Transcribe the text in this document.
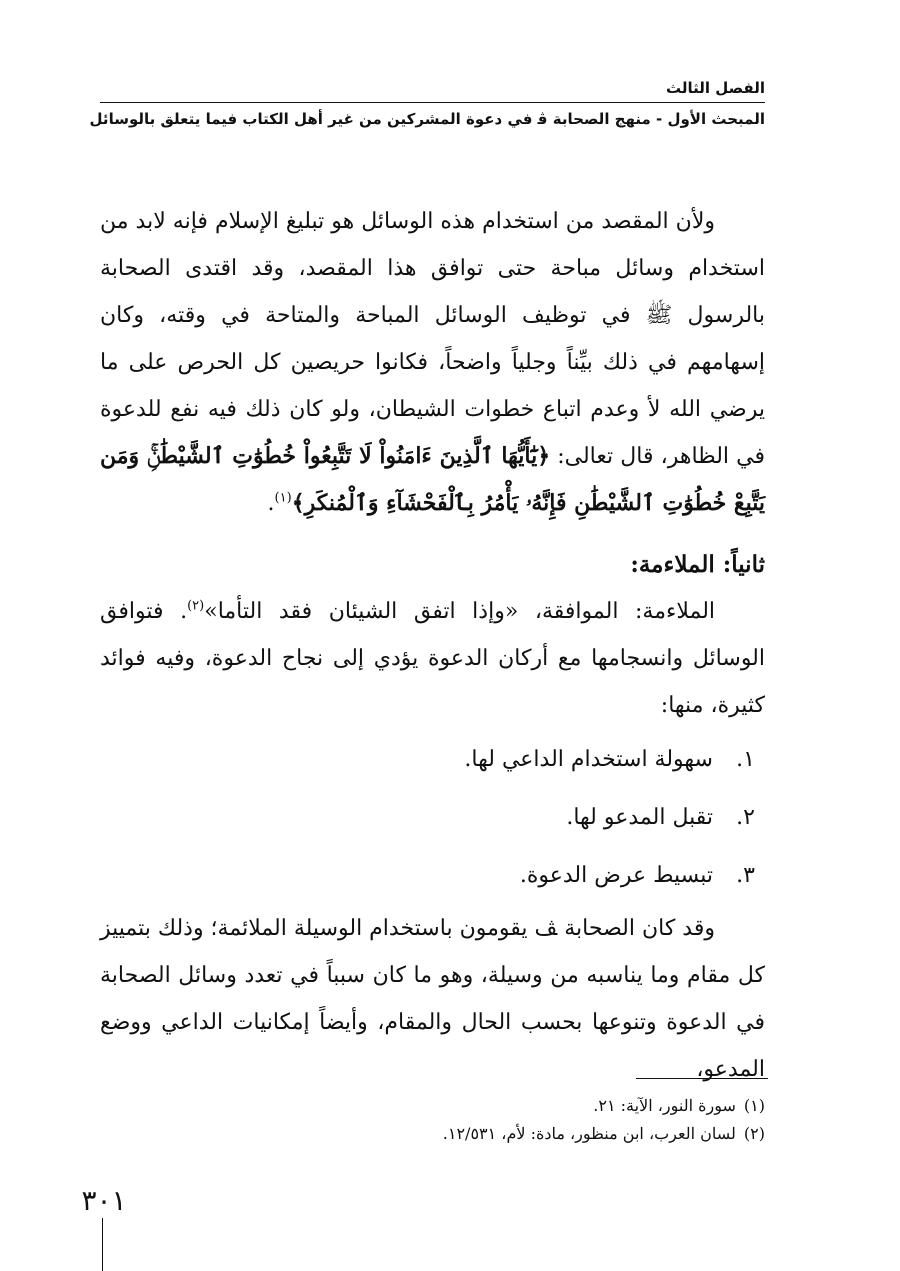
الفصل الثالث
المبحث الأول - منهج الصحابة ﭬ في دعوة المشركين من غير أهل الكتاب فيما يتعلق بالوسائل

ولأن المقصد من استخدام هذه الوسائل هو تبليغ الإسلام فإنه لابد من استخدام وسائل مباحة حتى توافق هذا المقصد، وقد اقتدى الصحابة بالرسول ﷺ في توظيف الوسائل المباحة والمتاحة في وقته، وكان إسهامهم في ذلك بيِّناً وجلياً واضحاً، فكانوا حريصين كل الحرص على ما يرضي الله ﻷ وعدم اتباع خطوات الشيطان، ولو كان ذلك فيه نفع للدعوة في الظاهر، قال تعالى: ﴿يَٰٓأَيُّهَا ٱلَّذِينَ ءَامَنُواْ لَا تَتَّبِعُواْ خُطُوَٰتِ ٱلشَّيْطَٰنِۚ وَمَن يَتَّبِعْ خُطُوَٰتِ ٱلشَّيْطَٰنِ فَإِنَّهُۥ يَأْمُرُ بِٱلْفَحْشَآءِ وَٱلْمُنكَرِ﴾$^{(١)}$.

ثانياً: الملاءمة:

الملاءمة: الموافقة، «وإذا اتفق الشيئان فقد التأما»$^{(٢)}$. فتوافق الوسائل وانسجامها مع أركان الدعوة يؤدي إلى نجاح الدعوة، وفيه فوائد كثيرة، منها:

١.
سهولة استخدام الداعي لها.
٢.
تقبل المدعو لها.
٣.
تبسيط عرض الدعوة.

وقد كان الصحابة ﭫ يقومون باستخدام الوسيلة الملائمة؛ وذلك بتمييز كل مقام وما يناسبه من وسيلة، وهو ما كان سبباً في تعدد وسائل الصحابة في الدعوة وتنوعها بحسب الحال والمقام، وأيضاً إمكانيات الداعي ووضع المدعو،

(١)
سورة النور، الآية: ٢١.
(٢)
لسان العرب، ابن منظور، مادة: لأم، ١٢/٥٣١.
٣٠١
